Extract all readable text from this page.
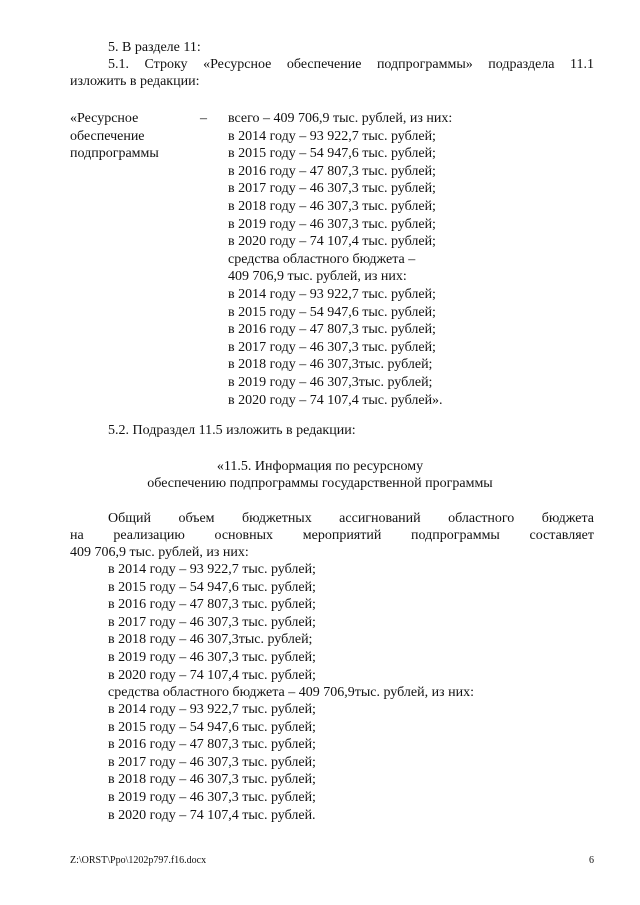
5. В разделе 11:
5.1. Строку «Ресурсное обеспечение подпрограммы» подраздела 11.1
изложить в редакции:
«Ресурсное
обеспечение
подпрограммы
– всего – 409 706,9 тыс. рублей, из них:
в 2014 году – 93 922,7 тыс. рублей;
в 2015 году – 54 947,6 тыс. рублей;
в 2016 году – 47 807,3 тыс. рублей;
в 2017 году – 46 307,3 тыс. рублей;
в 2018 году – 46 307,3 тыс. рублей;
в 2019 году – 46 307,3 тыс. рублей;
в 2020 году – 74 107,4 тыс. рублей;
средства областного бюджета –
409 706,9 тыс. рублей, из них:
в 2014 году – 93 922,7 тыс. рублей;
в 2015 году – 54 947,6 тыс. рублей;
в 2016 году – 47 807,3 тыс. рублей;
в 2017 году – 46 307,3 тыс. рублей;
в 2018 году – 46 307,3тыс. рублей;
в 2019 году – 46 307,3тыс. рублей;
в 2020 году – 74 107,4 тыс. рублей».
5.2. Подраздел 11.5 изложить в редакции:
«11.5. Информация по ресурсному
обеспечению подпрограммы государственной программы
Общий объем бюджетных ассигнований областного бюджета
на реализацию основных мероприятий подпрограммы составляет
409 706,9 тыс. рублей, из них:
в 2014 году – 93 922,7 тыс. рублей;
в 2015 году – 54 947,6 тыс. рублей;
в 2016 году – 47 807,3 тыс. рублей;
в 2017 году – 46 307,3 тыс. рублей;
в 2018 году – 46 307,3тыс. рублей;
в 2019 году – 46 307,3 тыс. рублей;
в 2020 году – 74 107,4 тыс. рублей;
средства областного бюджета – 409 706,9тыс. рублей, из них:
в 2014 году – 93 922,7 тыс. рублей;
в 2015 году – 54 947,6 тыс. рублей;
в 2016 году – 47 807,3 тыс. рублей;
в 2017 году – 46 307,3 тыс. рублей;
в 2018 году – 46 307,3 тыс. рублей;
в 2019 году – 46 307,3 тыс. рублей;
в 2020 году – 74 107,4 тыс. рублей.
Z:\ORST\Ppo\1202p797.f16.docx	6
